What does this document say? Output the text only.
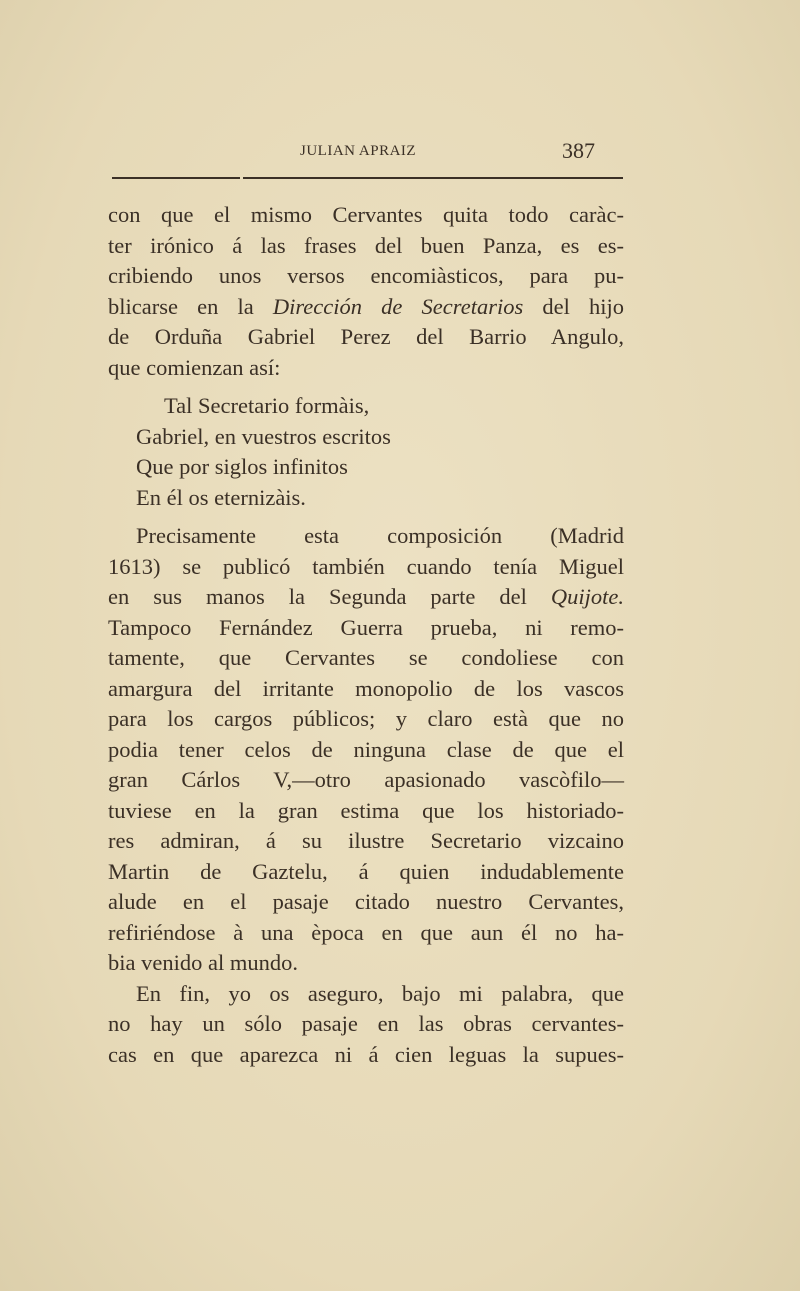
JULIAN APRAIZ	387
con que el mismo Cervantes quita todo caràc-
ter irónico á las frases del buen Panza, es es-
cribiendo unos versos encomiàsticos, para pu-
blicarse en la Dirección de Secretarios del hijo
de Orduña Gabriel Perez del Barrio Angulo,
que comienzan así:
Tal Secretario formàis,
Gabriel, en vuestros escritos
Que por siglos infinitos
En él os eternizàis.
Precisamente esta composición (Madrid
1613) se publicó también cuando tenía Miguel
en sus manos la Segunda parte del Quijote.
Tampoco Fernández Guerra prueba, ni remo-
tamente, que Cervantes se condoliese con
amargura del irritante monopolio de los vascos
para los cargos públicos; y claro està que no
podia tener celos de ninguna clase de que el
gran Cárlos V,—otro apasionado vascòfilo—
tuviese en la gran estima que los historiado-
res admiran, á su ilustre Secretario vizcaino
Martin de Gaztelu, á quien indudablemente
alude en el pasaje citado nuestro Cervantes,
refiriéndose à una època en que aun él no ha-
bia venido al mundo.
En fin, yo os aseguro, bajo mi palabra, que
no hay un sólo pasaje en las obras cervantes-
cas en que aparezca ni á cien leguas la supues-
